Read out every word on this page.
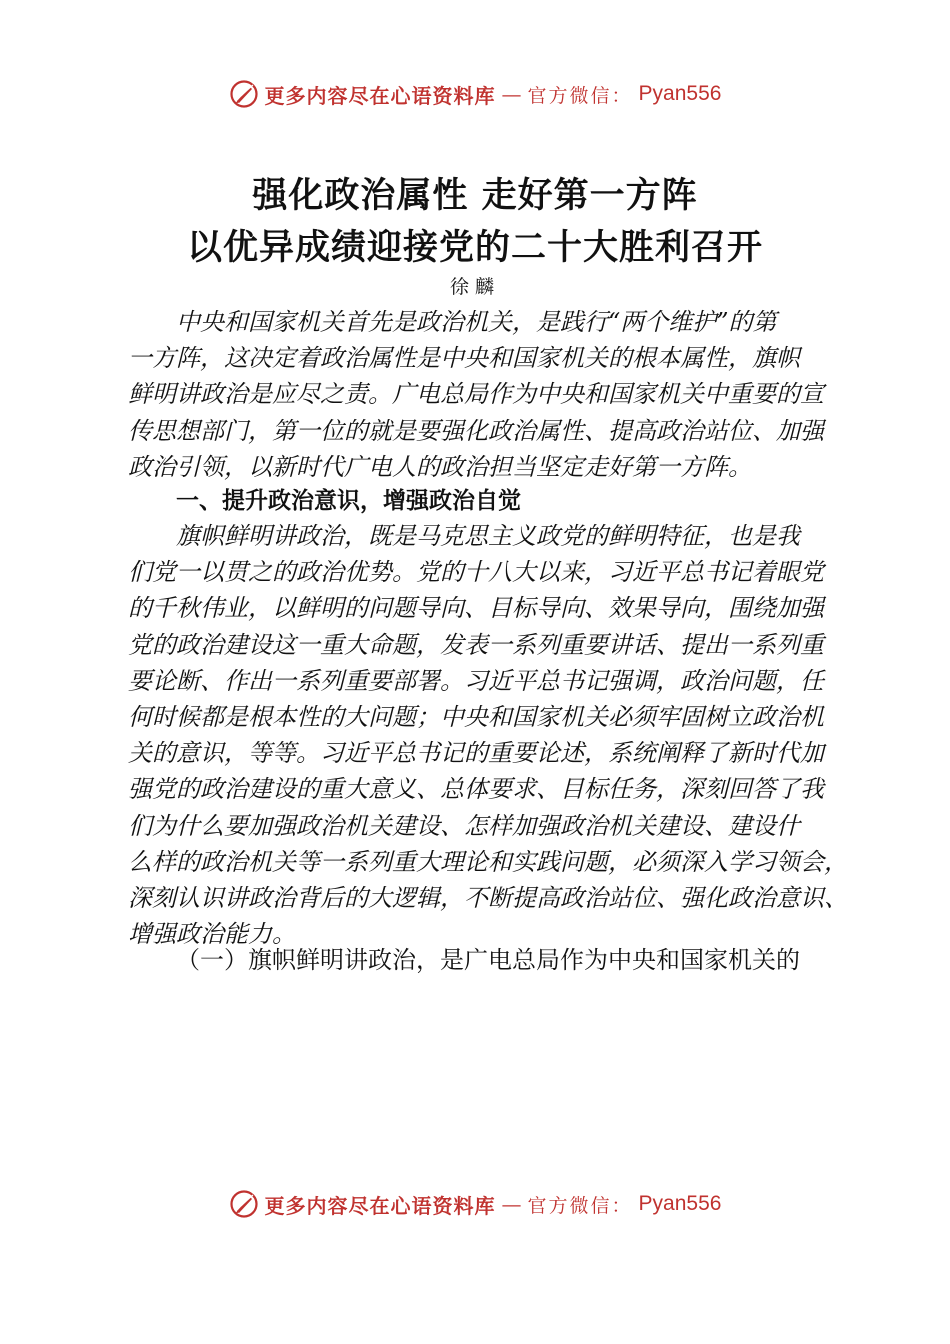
更多内容尽在心语资料库 — 官方微信： Pyan556
强化政治属性 走好第一方阵
以优异成绩迎接党的二十大胜利召开
徐麟
中央和国家机关首先是政治机关，是践行“两个维护”的第
一方阵，这决定着政治属性是中央和国家机关的根本属性，旗帜
鲜明讲政治是应尽之责。广电总局作为中央和国家机关中重要的宣
传思想部门，第一位的就是要强化政治属性、提高政治站位、加强
政治引领，以新时代广电人的政治担当坚定走好第一方阵。
一、提升政治意识，增强政治自觉
旗帜鲜明讲政治，既是马克思主义政党的鲜明特征，也是我
们党一以贯之的政治优势。党的十八大以来，习近平总书记着眼党
的千秋伟业，以鲜明的问题导向、目标导向、效果导向，围绕加强
党的政治建设这一重大命题，发表一系列重要讲话、提出一系列重
要论断、作出一系列重要部署。习近平总书记强调，政治问题，任
何时候都是根本性的大问题；中央和国家机关必须牢固树立政治机
关的意识，等等。习近平总书记的重要论述，系统阐释了新时代加
强党的政治建设的重大意义、总体要求、目标任务，深刻回答了我
们为什么要加强政治机关建设、怎样加强政治机关建设、建设什
么样的政治机关等一系列重大理论和实践问题，必须深入学习领会，
深刻认识讲政治背后的大逻辑，不断提高政治站位、强化政治意识、
增强政治能力。
（一）旗帜鲜明讲政治，是广电总局作为中央和国家机关的
更多内容尽在心语资料库 — 官方微信： Pyan556
